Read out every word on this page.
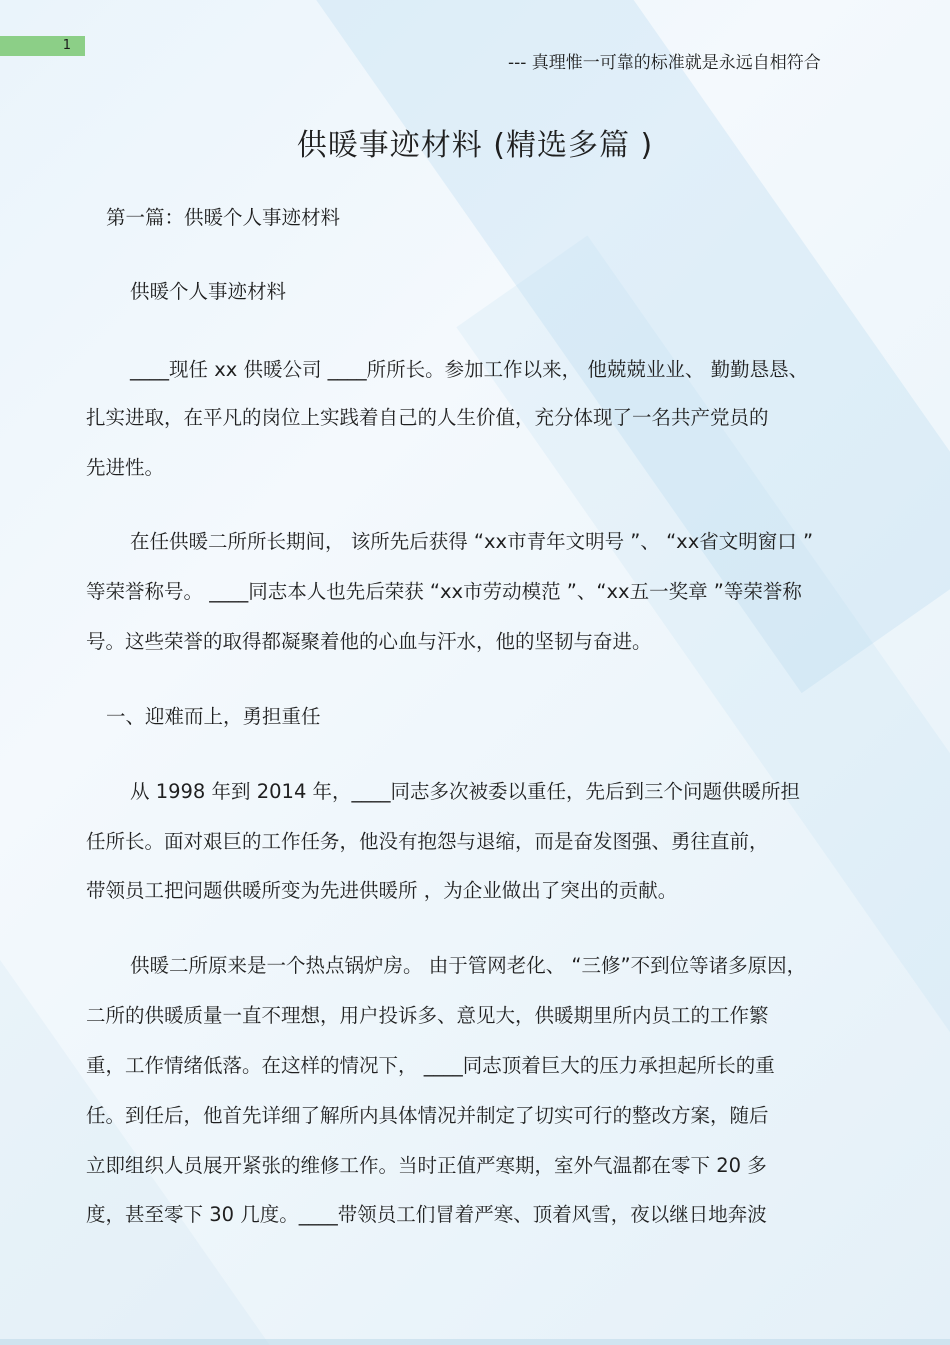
1
--- 真理惟一可靠的标准就是永远自相符合
供暖事迹材料 (精选多篇 )
第一篇：供暖个人事迹材料
供暖个人事迹材料
____现任 xx 供暖公司 ____所所长。参加工作以来， 他兢兢业业、 勤勤恳恳、
扎实进取，在平凡的岗位上实践着自己的人生价值，充分体现了一名共产党员的
先进性。
在任供暖二所所长期间， 该所先后获得 “xx市青年文明号 ”、 “xx省文明窗口 ”
等荣誉称号。 ____同志本人也先后荣获 “xx市劳动模范 ”、“xx五一奖章 ”等荣誉称
号。这些荣誉的取得都凝聚着他的心血与汗水，他的坚韧与奋进。
一、迎难而上，勇担重任
从 1998 年到 2014 年，____同志多次被委以重任，先后到三个问题供暖所担
任所长。面对艰巨的工作任务，他没有抱怨与退缩，而是奋发图强、勇往直前，
带领员工把问题供暖所变为先进供暖所 ，为企业做出了突出的贡献。
供暖二所原来是一个热点锅炉房。 由于管网老化、 “三修”不到位等诸多原因，
二所的供暖质量一直不理想，用户投诉多、意见大，供暖期里所内员工的工作繁
重，工作情绪低落。在这样的情况下， ____同志顶着巨大的压力承担起所长的重
任。到任后，他首先详细了解所内具体情况并制定了切实可行的整改方案，随后
立即组织人员展开紧张的维修工作。当时正值严寒期，室外气温都在零下 20 多
度，甚至零下 30 几度。____带领员工们冒着严寒、顶着风雪，夜以继日地奔波
